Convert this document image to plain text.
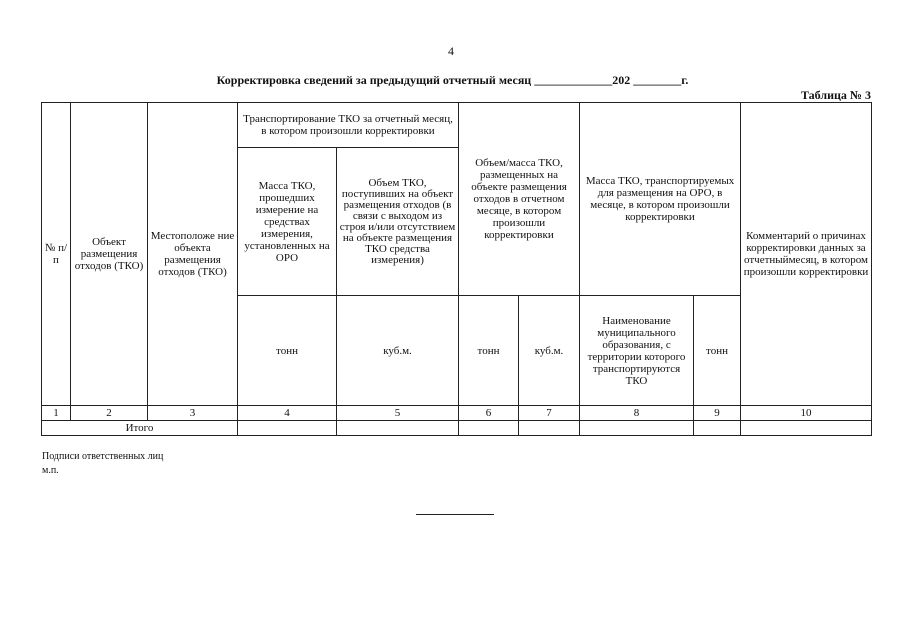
4
Корректировка сведений за предыдущий отчетный месяц _____________202 ________г.
Таблица № 3
№ п/п	Объект размещения отходов (ТКО)	Местоположе ние объекта размещения отходов (ТКО)	Транспортирование ТКО за отчетный месяц, в котором произошли корректировки		Объем/масса ТКО, размещенных на объекте размещения отходов в отчетном месяце, в котором произошли корректировки		Масса ТКО, транспортируемых для размещения на ОРО, в месяце, в котором произошли корректировки		Комментарий о причинах корректировки данных за отчетныймесяц, в котором произошли корректировки
			Масса ТКО, прошедших измерение на средствах измерения, установленных на ОРО	Объем ТКО, поступивших на объект размещения отходов (в связи с выходом из строя и/или отсутствием на объекте размещения ТКО средства измерения)					
			тонн	куб.м.	тонн	куб.м.	Наименование муниципального образования, с территории которого транспортируются ТКО	тонн	
1	2	3	4	5	6	7	8	9	10
Итого									
Подписи ответственных лиц
м.п.
